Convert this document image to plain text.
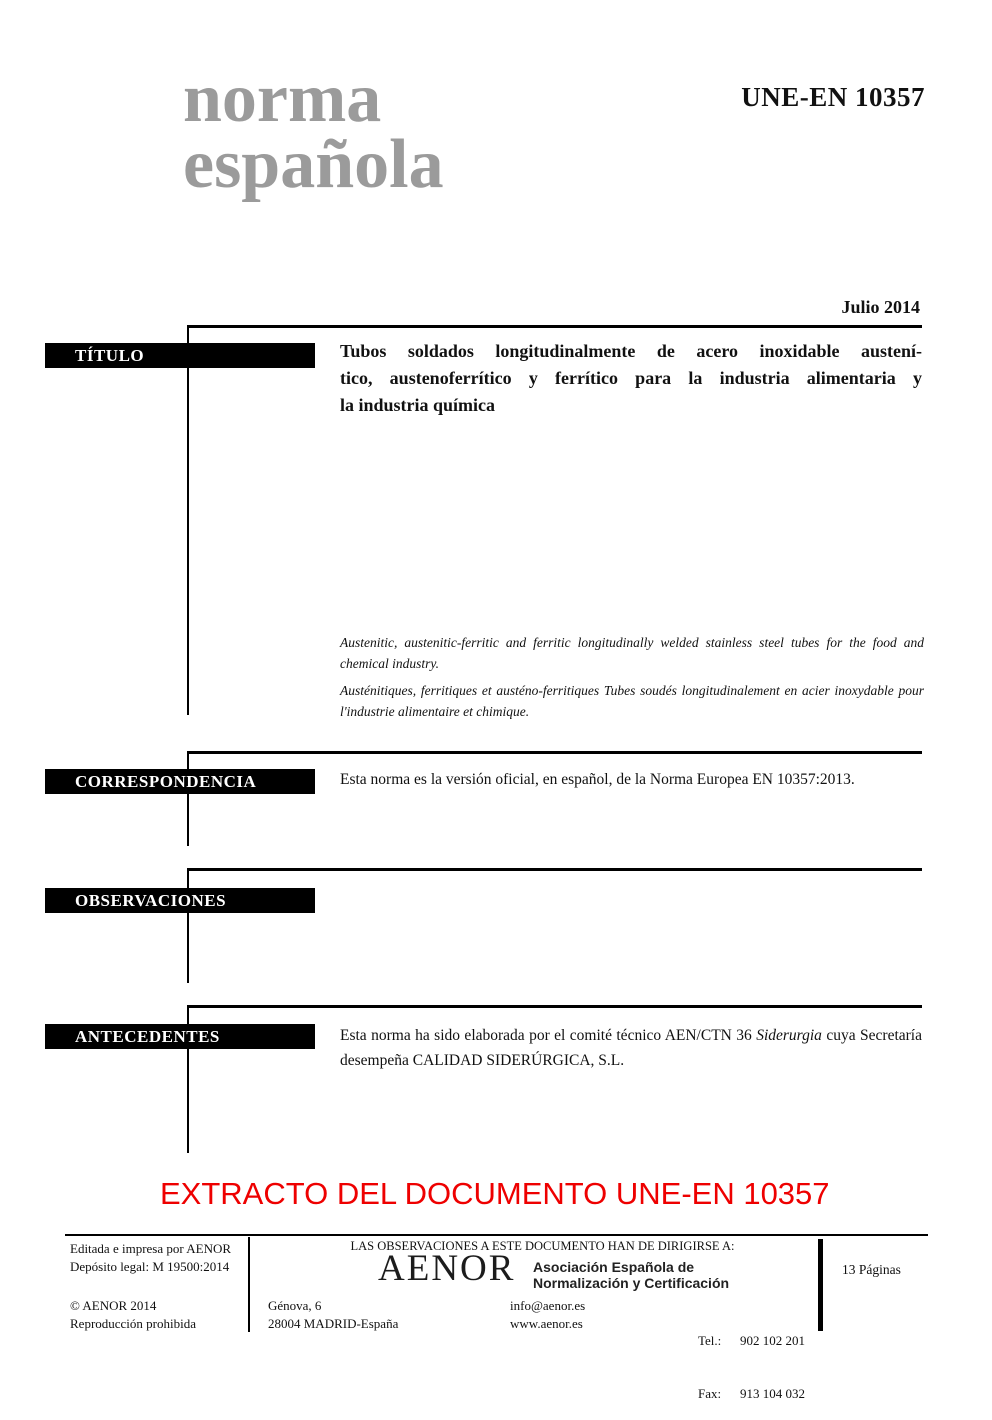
norma
española
UNE-EN 10357
Julio 2014
TÍTULO	Tubos soldados longitudinalmente de acero inoxidable austení-
tico, austenoferrítico y ferrítico para la industria alimentaria y
la industria química
Austenitic, austenitic-ferritic and ferritic longitudinally welded stainless steel tubes for the food and chemical industry.
Austénitiques, ferritiques et austéno-ferritiques Tubes soudés longitudinalement en acier inoxydable pour l'industrie alimentaire et chimique.
CORRESPONDENCIA	Esta norma es la versión oficial, en español, de la Norma Europea EN 10357:2013.
OBSERVACIONES
ANTECEDENTES	Esta norma ha sido elaborada por el comité técnico AEN/CTN 36 Siderurgia cuya Secretaría desempeña CALIDAD SIDERÚRGICA, S.L.
EXTRACTO DEL DOCUMENTO UNE-EN 10357
Editada e impresa por AENOR
Depósito legal: M 19500:2014
© AENOR 2014
Reproducción prohibida
LAS OBSERVACIONES A ESTE DOCUMENTO HAN DE DIRIGIRSE A:
AENOR Asociación Española de
Normalización y Certificación
Génova, 6
28004 MADRID-España
info@aenor.es
www.aenor.es

Tel.:	902 102 201

Fax:	913 104 032

13 Páginas
